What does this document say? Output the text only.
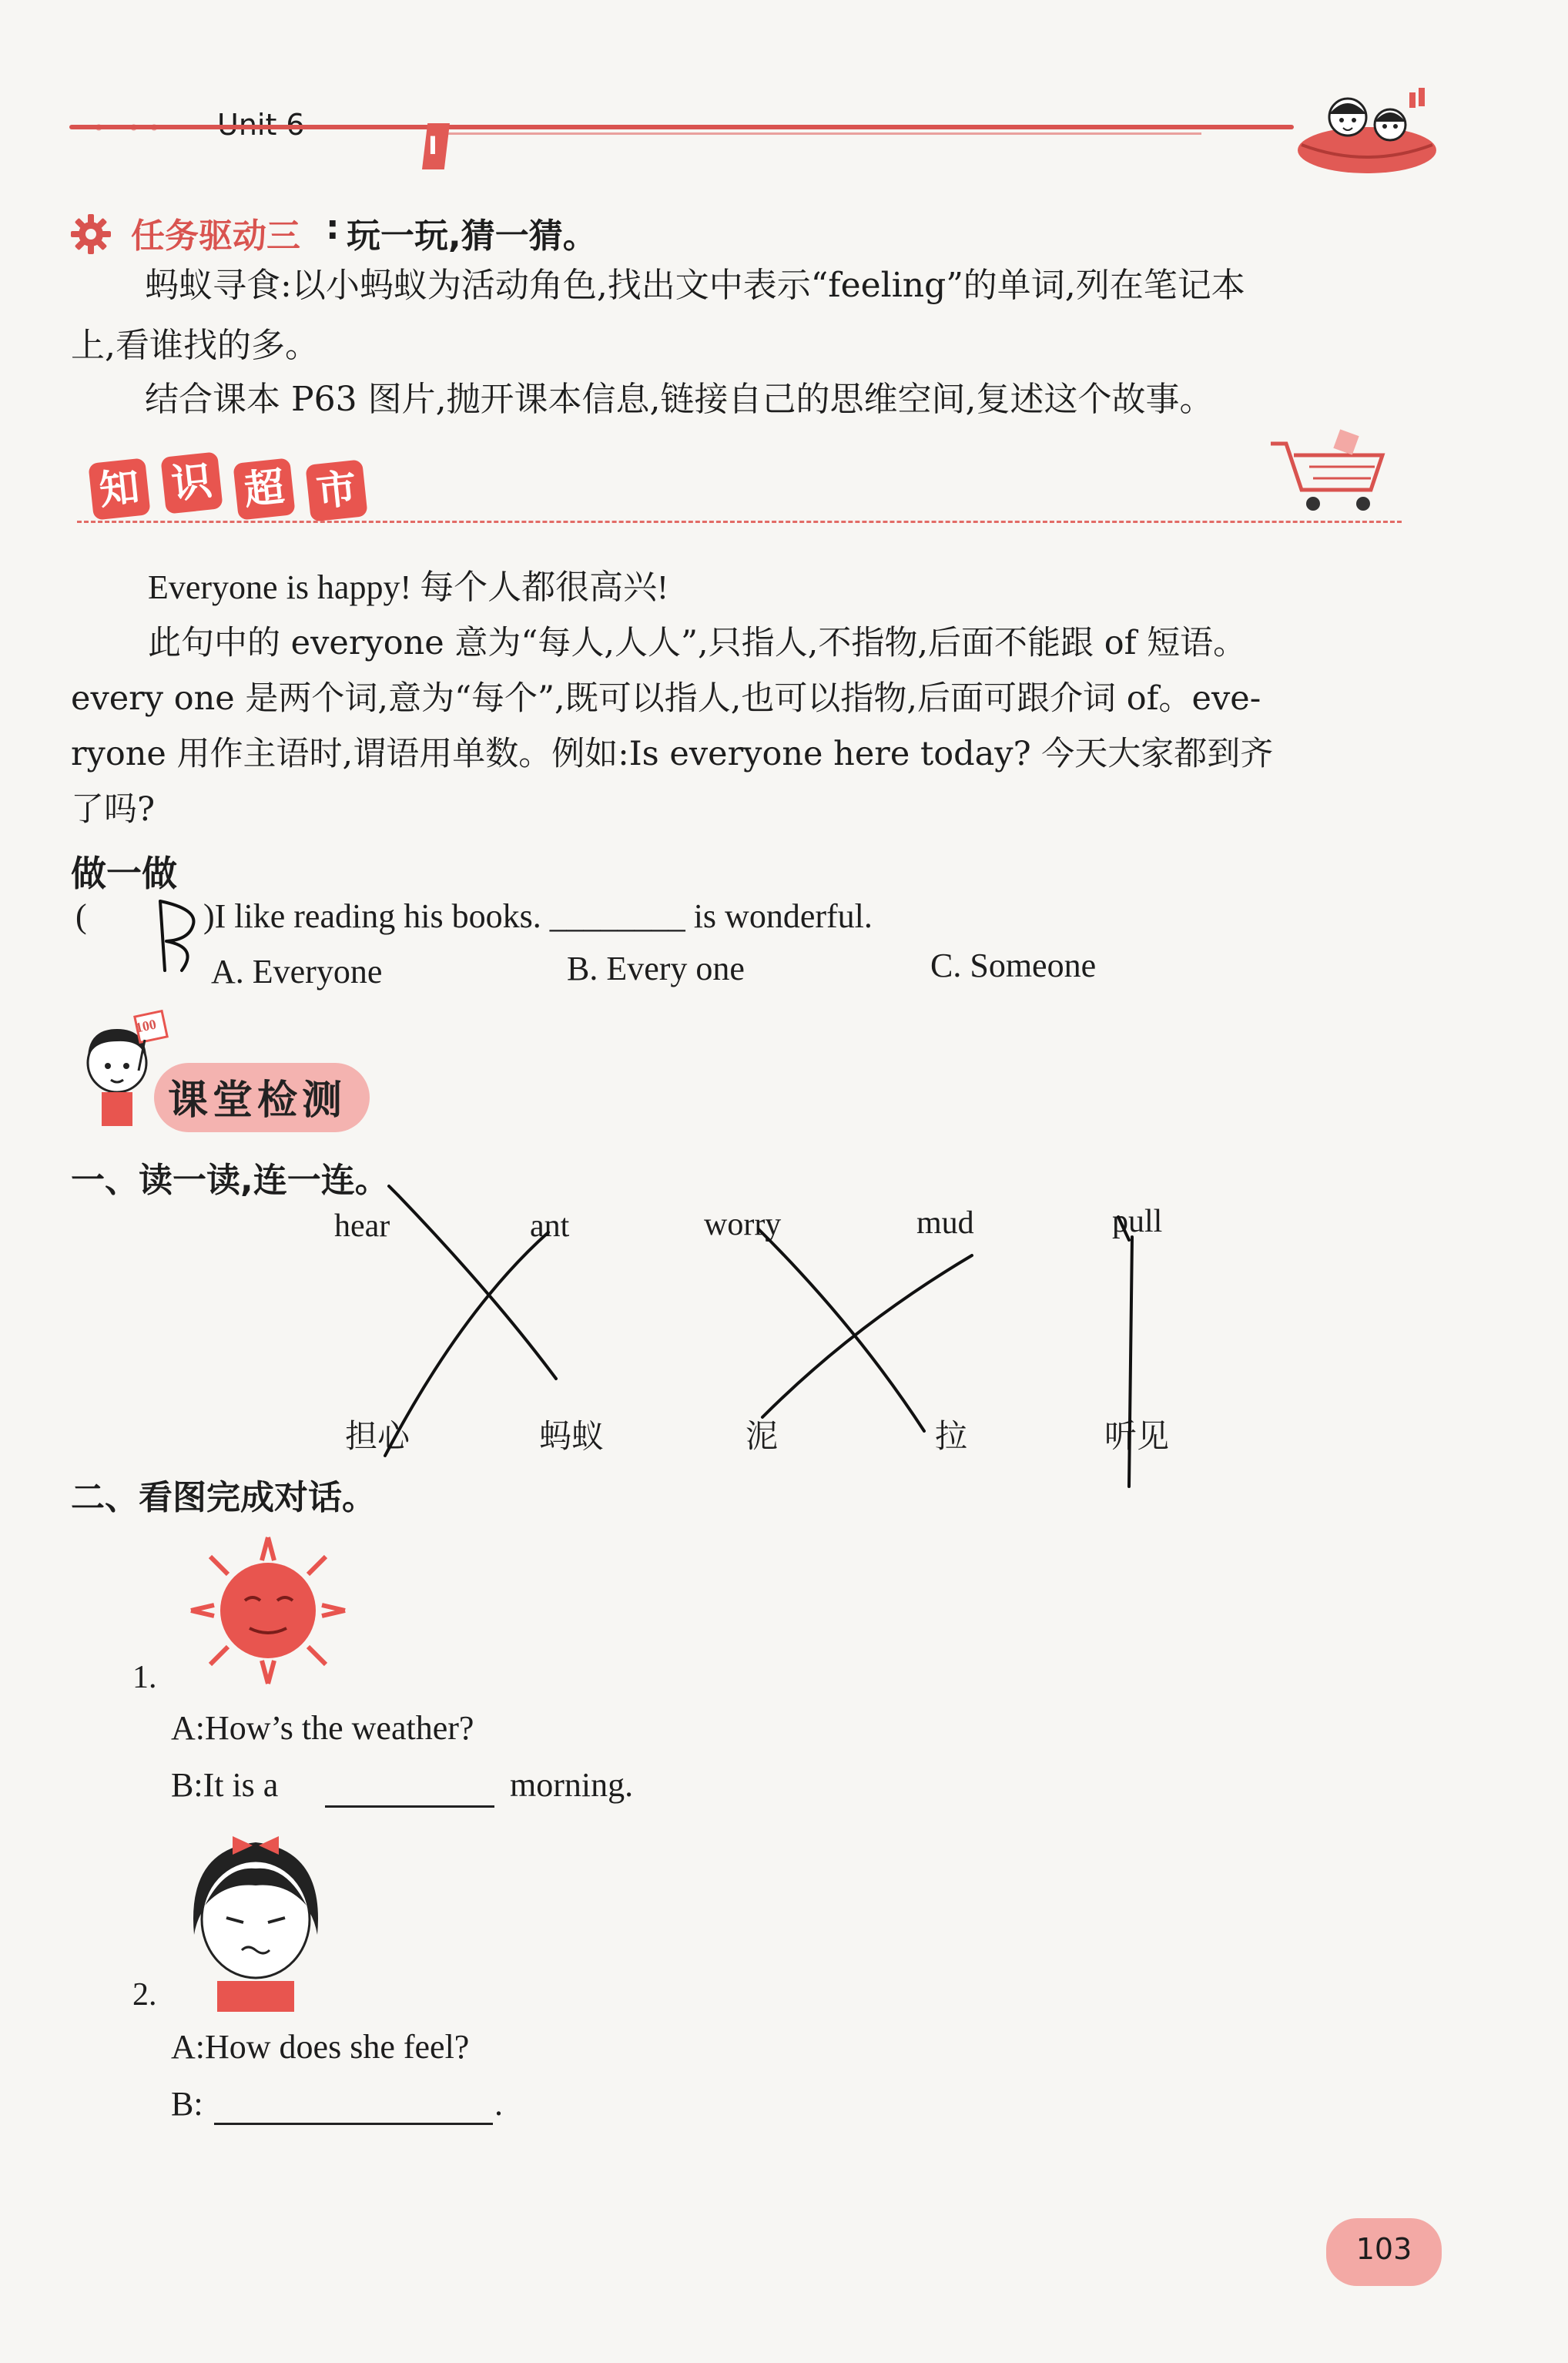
I
任务驱动三 : 玩一玩,猜一猜。
蚂蚁寻食:以小蚂蚁为活动角色,找出文中表示“feeling”的单词,列在笔记本
上,看谁找的多。
结合课本 P63 图片,抛开课本信息,链接自己的思维空间,复述这个故事。
知 识 超 市
Everyone is happy! 每个人都很高兴!
此句中的 everyone 意为“每人,人人”,只指人,不指物,后面不能跟 of 短语。
every one 是两个词,意为“每个”,既可以指人,也可以指物,后面可跟介词 of。eve-
ryone 用作主语时,谓语用单数。例如:Is everyone here today? 今天大家都到齐
了吗?
做一做
(	)I like reading his books. ________ is wonderful.
A. Everyone	B. Every one	C. Someone
100
课堂检测
一、读一读,连一连。
hear	ant	worry	mud	pull
担心	蚂蚁	泥	拉	听见
二、看图完成对话。
1.
A:How’s the weather?
B:It is a	morning.
2.
A:How does she feel?
B:	.
103
